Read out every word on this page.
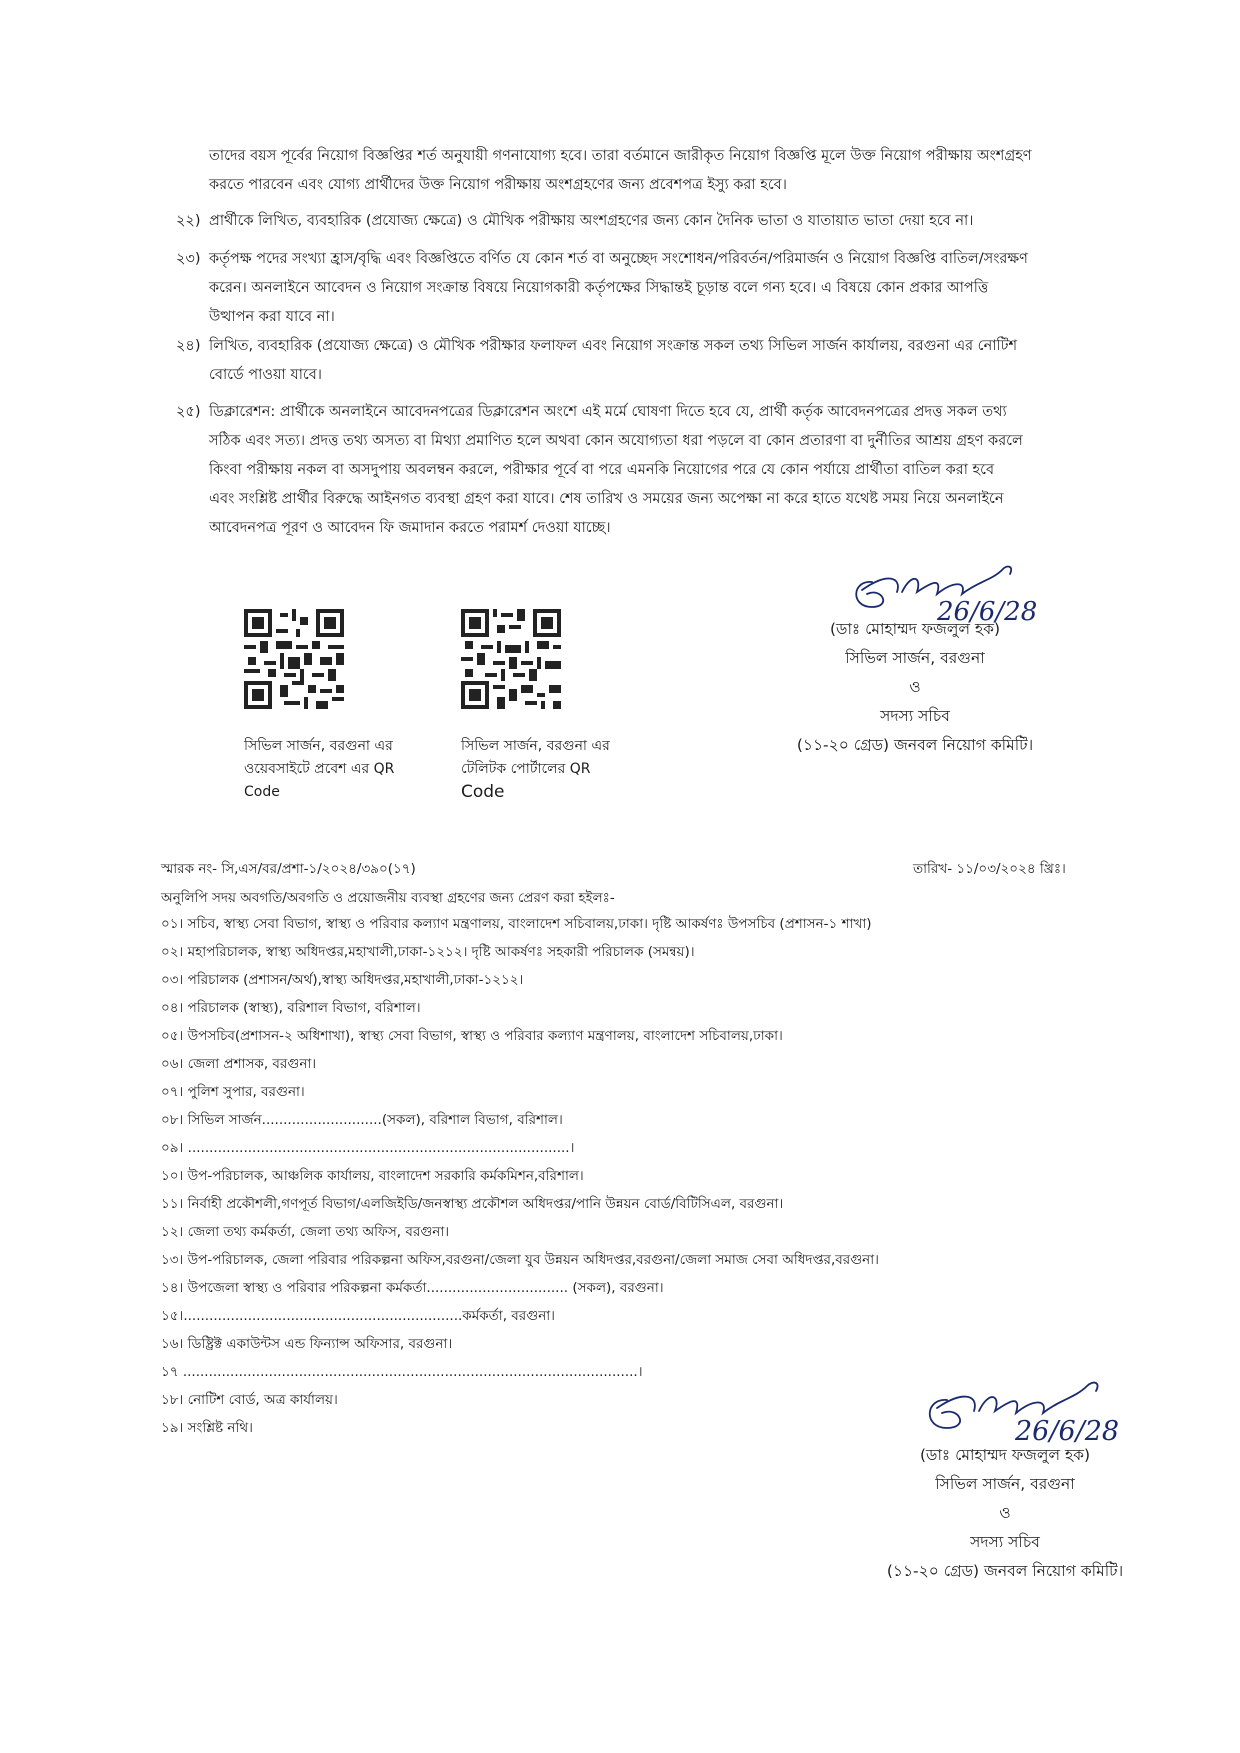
তাদের বয়স পূর্বের নিয়োগ বিজ্ঞপ্তির শর্ত অনুযায়ী গণনাযোগ্য হবে। তারা বর্তমানে জারীকৃত নিয়োগ বিজ্ঞপ্তি মূলে উক্ত নিয়োগ পরীক্ষায় অংশগ্রহণ
করতে পারবেন এবং যোগ্য প্রার্থীদের উক্ত নিয়োগ পরীক্ষায় অংশগ্রহণের জন্য প্রবেশপত্র ইস্যু করা হবে।
২২) প্রার্থীকে লিখিত, ব্যবহারিক (প্রযোজ্য ক্ষেত্রে) ও মৌখিক পরীক্ষায় অংশগ্রহণের জন্য কোন দৈনিক ভাতা ও যাতায়াত ভাতা দেয়া হবে না।
২৩) কর্তৃপক্ষ পদের সংখ্যা হ্রাস/বৃদ্ধি এবং বিজ্ঞপ্তিতে বর্ণিত যে কোন শর্ত বা অনুচ্ছেদ সংশোধন/পরিবর্তন/পরিমার্জন ও নিয়োগ বিজ্ঞপ্তি বাতিল/সংরক্ষণ
করেন। অনলাইনে আবেদন ও নিয়োগ সংক্রান্ত বিষয়ে নিয়োগকারী কর্তৃপক্ষের সিদ্ধান্তই চূড়ান্ত বলে গন্য হবে। এ বিষয়ে কোন প্রকার আপত্তি
উত্থাপন করা যাবে না।
২৪) লিখিত, ব্যবহারিক (প্রযোজ্য ক্ষেত্রে) ও মৌখিক পরীক্ষার ফলাফল এবং নিয়োগ সংক্রান্ত সকল তথ্য সিভিল সার্জন কার্যালয়, বরগুনা এর নোটিশ
বোর্ডে পাওয়া যাবে।
২৫) ডিক্লারেশন: প্রার্থীকে অনলাইনে আবেদনপত্রের ডিক্লারেশন অংশে এই মর্মে ঘোষণা দিতে হবে যে, প্রার্থী কর্তৃক আবেদনপত্রের প্রদত্ত সকল তথ্য
সঠিক এবং সত্য। প্রদত্ত তথ্য অসত্য বা মিথ্যা প্রমাণিত হলে অথবা কোন অযোগ্যতা ধরা পড়লে বা কোন প্রতারণা বা দুর্নীতির আশ্রয় গ্রহণ করলে
কিংবা পরীক্ষায় নকল বা অসদুপায় অবলম্বন করলে, পরীক্ষার পূর্বে বা পরে এমনকি নিয়োগের পরে যে কোন পর্যায়ে প্রার্থীতা বাতিল করা হবে
এবং সংশ্লিষ্ট প্রার্থীর বিরুদ্ধে আইনগত ব্যবস্থা গ্রহণ করা যাবে। শেষ তারিখ ও সময়ের জন্য অপেক্ষা না করে হাতে যথেষ্ট সময় নিয়ে অনলাইনে
আবেদনপত্র পূরণ ও আবেদন ফি জমাদান করতে পরামর্শ দেওয়া যাচ্ছে।
26/6/28
সিভিল সার্জন, বরগুনা এর
ওয়েবসাইটে প্রবেশ এর QR
Code
সিভিল সার্জন, বরগুনা এর
টেলিটক পোর্টালের QR
Code
(ডাঃ মোহাম্মদ ফজলুল হক)
সিভিল সার্জন, বরগুনা
ও
সদস্য সচিব
(১১-২০ গ্রেড) জনবল নিয়োগ কমিটি।
স্মারক নং- সি,এস/বর/প্রশা-১/২০২৪/৩৯০(১৭)	তারিখ- ১১/০৩/২০২৪ খ্রিঃ।
অনুলিপি সদয় অবগতি/অবগতি ও প্রয়োজনীয় ব্যবস্থা গ্রহণের জন্য প্রেরণ করা হইলঃ-
০১। সচিব, স্বাস্থ্য সেবা বিভাগ, স্বাস্থ্য ও পরিবার কল্যাণ মন্ত্রণালয়, বাংলাদেশ সচিবালয়,ঢাকা। দৃষ্টি আকর্ষণঃ উপসচিব (প্রশাসন-১ শাখা)
০২। মহাপরিচালক, স্বাস্থ্য অধিদপ্তর,মহাখালী,ঢাকা-১২১২। দৃষ্টি আকর্ষণঃ সহকারী পরিচালক (সমন্বয়)।
০৩। পরিচালক (প্রশাসন/অর্থ),স্বাস্থ্য অধিদপ্তর,মহাখালী,ঢাকা-১২১২।
০৪। পরিচালক (স্বাস্থ্য), বরিশাল বিভাগ, বরিশাল।
০৫। উপসচিব(প্রশাসন-২ অধিশাখা), স্বাস্থ্য সেবা বিভাগ, স্বাস্থ্য ও পরিবার কল্যাণ মন্ত্রণালয়, বাংলাদেশ সচিবালয়,ঢাকা।
০৬। জেলা প্রশাসক, বরগুনা।
০৭। পুলিশ সুপার, বরগুনা।
০৮। সিভিল সার্জন............................(সকল), বরিশাল বিভাগ, বরিশাল।
০৯। .........................................................................................।
১০। উপ-পরিচালক, আঞ্চলিক কার্যালয়, বাংলাদেশ সরকারি কর্মকমিশন,বরিশাল।
১১। নির্বাহী প্রকৌশলী,গণপূর্ত বিভাগ/এলজিইডি/জনস্বাস্থ্য প্রকৌশল অধিদপ্তর/পানি উন্নয়ন বোর্ড/বিটিসিএল, বরগুনা।
১২। জেলা তথ্য কর্মকর্তা, জেলা তথ্য অফিস, বরগুনা।
১৩। উপ-পরিচালক, জেলা পরিবার পরিকল্পনা অফিস,বরগুনা/জেলা যুব উন্নয়ন অধিদপ্তর,বরগুনা/জেলা সমাজ সেবা অধিদপ্তর,বরগুনা।
১৪। উপজেলা স্বাস্থ্য ও পরিবার পরিকল্পনা কর্মকর্তা................................. (সকল), বরগুনা।
১৫।.................................................................কর্মকর্তা, বরগুনা।
১৬। ডিষ্ট্রিক্ট একাউন্টস এন্ড ফিন্যান্স অফিসার, বরগুনা।
১৭ ..........................................................................................................।
১৮। নোটিশ বোর্ড, অত্র কার্যালয়।
১৯। সংশ্লিষ্ট নথি।	26/6/28
(ডাঃ মোহাম্মদ ফজলুল হক)
সিভিল সার্জন, বরগুনা
ও
সদস্য সচিব
(১১-২০ গ্রেড) জনবল নিয়োগ কমিটি।
